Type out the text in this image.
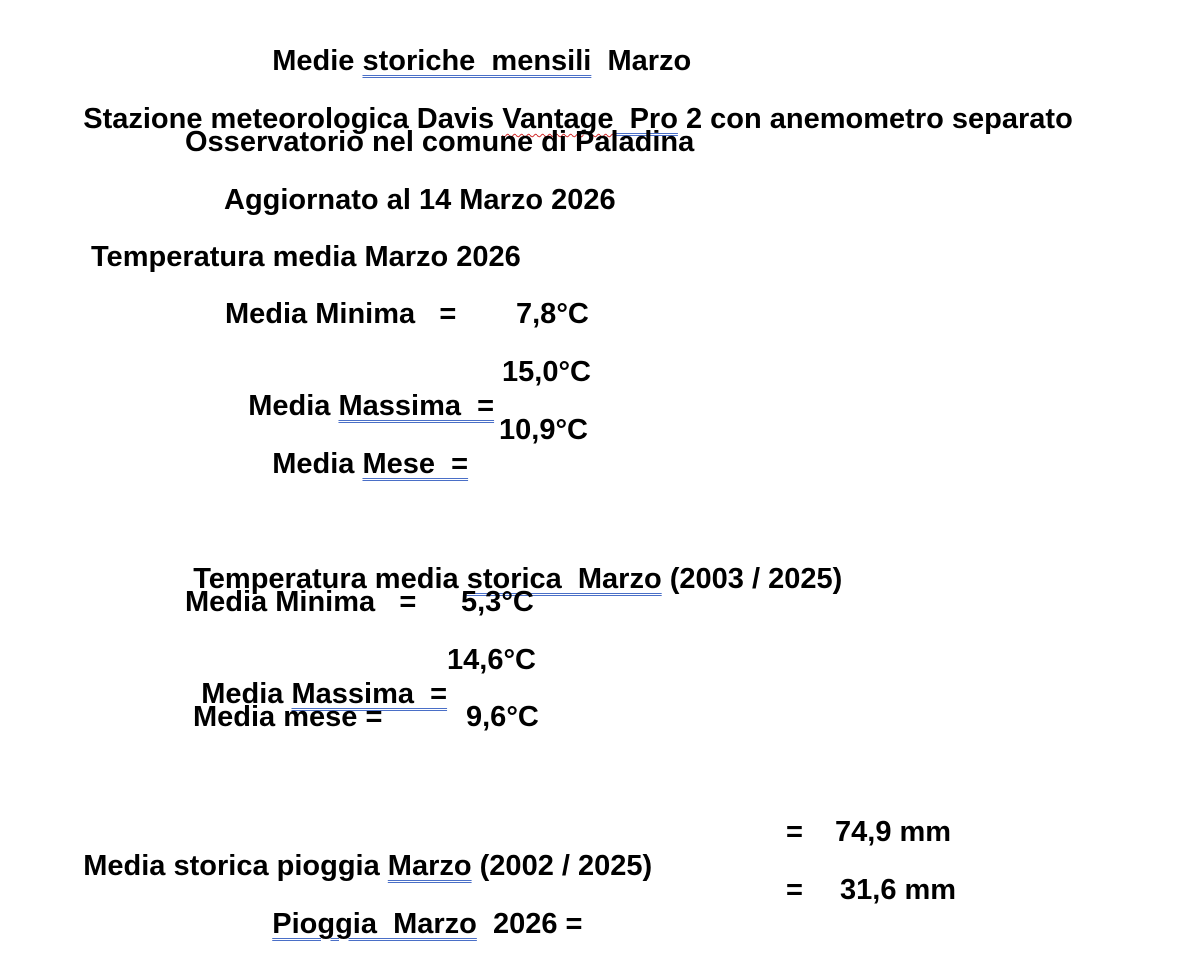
Medie storiche  mensili  Marzo

Stazione meteorologica Davis Vantage  Pro 2 con anemometro separato

Osservatorio nel comune di Paladina
Aggiornato al 14 Marzo 2026
Temperatura media Marzo 2026
Media Minima   = 7,8°C

Media Massima  =

15,0°C

Media Mese  =

10,9°C

Temperatura media storica  Marzo (2003 / 2025)

Media Minima   = 5,3°C

Media Massima  =

14,6°C
Media mese =	9,6°C

Media storica pioggia Marzo (2002 / 2025)

= 74,9 mm

Pioggia  Marzo  2026 =

= 31,6 mm
